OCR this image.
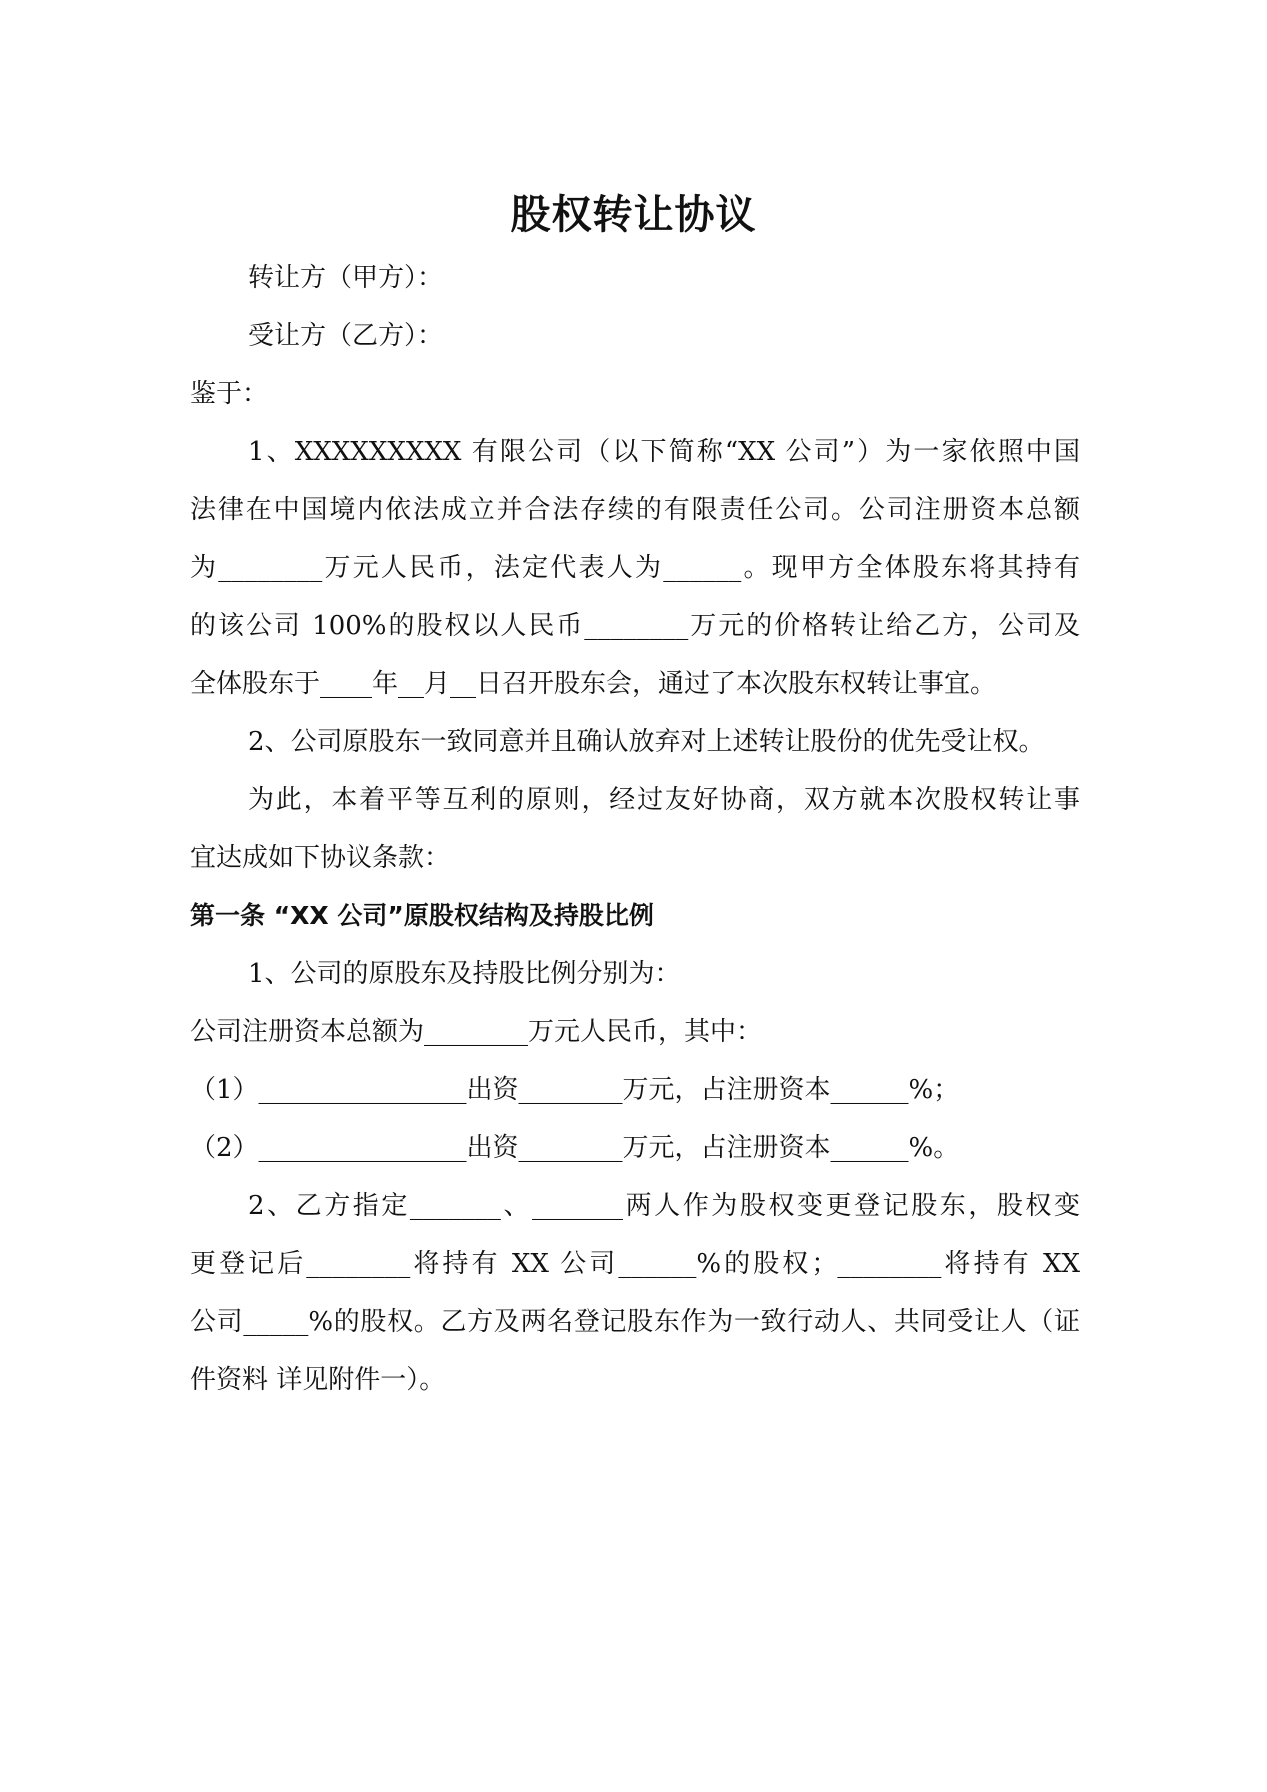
股权转让协议
转让方（甲方）：
受让方（乙方）：
鉴于：
1、XXXXXXXXX 有限公司（以下简称“XX 公司”）为一家依照中国
法律在中国境内依法成立并合法存续的有限责任公司。公司注册资本总额
为________万元人民币，法定代表人为______。现甲方全体股东将其持有
的该公司 100%的股权以人民币________万元的价格转让给乙方，公司及
全体股东于____年__月__日召开股东会，通过了本次股东权转让事宜。
2、公司原股东一致同意并且确认放弃对上述转让股份的优先受让权。
为此，本着平等互利的原则，经过友好协商，双方就本次股权转让事
宜达成如下协议条款：
第一条 “XX 公司”原股权结构及持股比例
1、公司的原股东及持股比例分别为：
公司注册资本总额为________万元人民币，其中：
（1）________________出资________万元，占注册资本______%；
（2）________________出资________万元，占注册资本______%。
2、乙方指定_______、_______两人作为股权变更登记股东，股权变
更登记后________将持有 XX 公司______%的股权；________将持有 XX
公司_____%的股权。乙方及两名登记股东作为一致行动人、共同受让人（证
件资料 详见附件一）。
